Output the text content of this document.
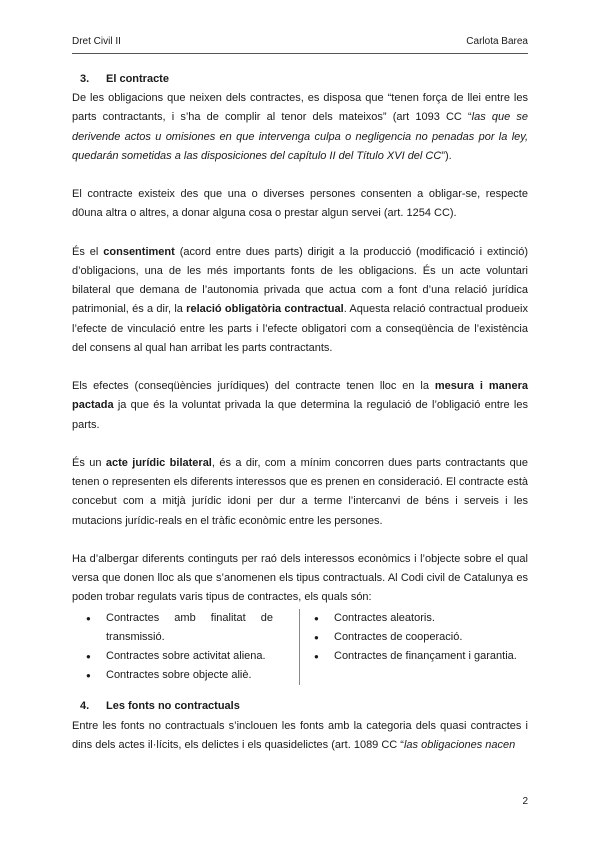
Dret Civil II	Carlota Barea
3. El contracte

De les obligacions que neixen dels contractes, es disposa que “tenen força de llei entre les parts contractants, i s’ha de complir al tenor dels mateixos” (art 1093 CC “las que se derivende actos u omisiones en que intervenga culpa o negligencia no penadas por la ley, quedarán sometidas a las disposiciones del capítulo II del Título XVI del CC”).

El contracte existeix des que una o diverses persones consenten a obligar-se, respecte d0una altra o altres, a donar alguna cosa o prestar algun servei (art. 1254 CC).

És el consentiment (acord entre dues parts) dirigit a la producció (modificació i extinció) d’obligacions, una de les més importants fonts de les obligacions. És un acte voluntari bilateral que demana de l’autonomia privada que actua com a font d’una relació jurídica patrimonial, és a dir, la relació obligatòria contractual. Aquesta relació contractual produeix l’efecte de vinculació entre les parts i l’efecte obligatori com a conseqüència de l’existència del consens al qual han arribat les parts contractants.

Els efectes (conseqüències jurídiques) del contracte tenen lloc en la mesura i manera pactada ja que és la voluntat privada la que determina la regulació de l’obligació entre les parts.

És un acte jurídic bilateral, és a dir, com a mínim concorren dues parts contractants que tenen o representen els diferents interessos que es prenen en consideració. El contracte està concebut com a mitjà jurídic idoni per dur a terme l’intercanvi de béns i serveis i les mutacions jurídic-reals en el tràfic econòmic entre les persones.

Ha d’albergar diferents continguts per raó dels interessos econòmics i l’objecte sobre el qual versa que donen lloc als que s’anomenen els tipus contractuals. Al Codi civil de Catalunya es poden trobar regulats varis tipus de contractes, els quals són:

● Contractes amb finalitat de transmissió.
● Contractes sobre activitat aliena.
● Contractes sobre objecte aliè.
● Contractes aleatoris.
● Contractes de cooperació.
● Contractes de finançament i garantia.
4. Les fonts no contractuals

Entre les fonts no contractuals s’inclouen les fonts amb la categoria dels quasi contractes i dins dels actes il·lícits, els delictes i els quasidelictes (art. 1089 CC “las obligaciones nacen

2
